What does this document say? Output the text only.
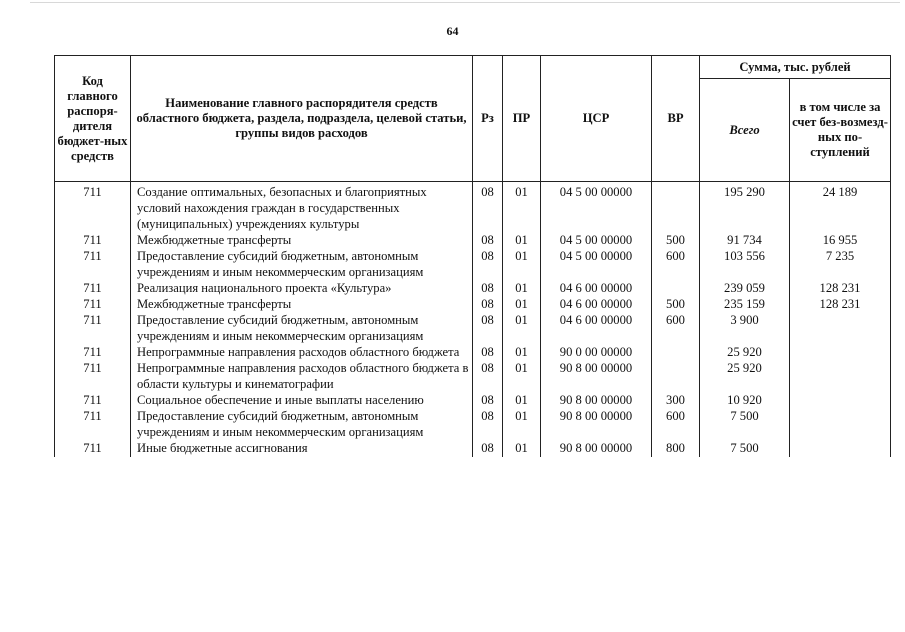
64
Код главного распоря-дителя бюджет-ных средств	Наименование главного распорядителя средств областного бюджета, раздела, подраздела, целевой статьи, группы видов расходов	Рз	ПР	ЦСР	ВР	Сумма, тыс. рублей	
						Всего	в том числе за счет без-возмезд-ных по-ступлений
711	Создание оптимальных, безопасных и благоприятных условий нахождения граждан в государственных (муниципальных) учреждениях культуры	08	01	04 5 00 00000		195 290	24 189
711	Межбюджетные трансферты	08	01	04 5 00 00000	500	91 734	16 955
711	Предоставление субсидий бюджетным, автономным учреждениям и иным некоммерческим организациям	08	01	04 5 00 00000	600	103 556	7 235
711	Реализация национального проекта «Культура»	08	01	04 6 00 00000		239 059	128 231
711	Межбюджетные трансферты	08	01	04 6 00 00000	500	235 159	128 231
711	Предоставление субсидий бюджетным, автономным учреждениям и иным некоммерческим организациям	08	01	04 6 00 00000	600	3 900	
711	Непрограммные направления расходов областного бюджета	08	01	90 0 00 00000		25 920	
711	Непрограммные направления расходов областного бюджета в области культуры и кинематографии	08	01	90 8 00 00000		25 920	
711	Социальное обеспечение и иные выплаты населению	08	01	90 8 00 00000	300	10 920	
711	Предоставление субсидий бюджетным, автономным учреждениям и иным некоммерческим организациям	08	01	90 8 00 00000	600	7 500	
711	Иные бюджетные ассигнования	08	01	90 8 00 00000	800	7 500	
